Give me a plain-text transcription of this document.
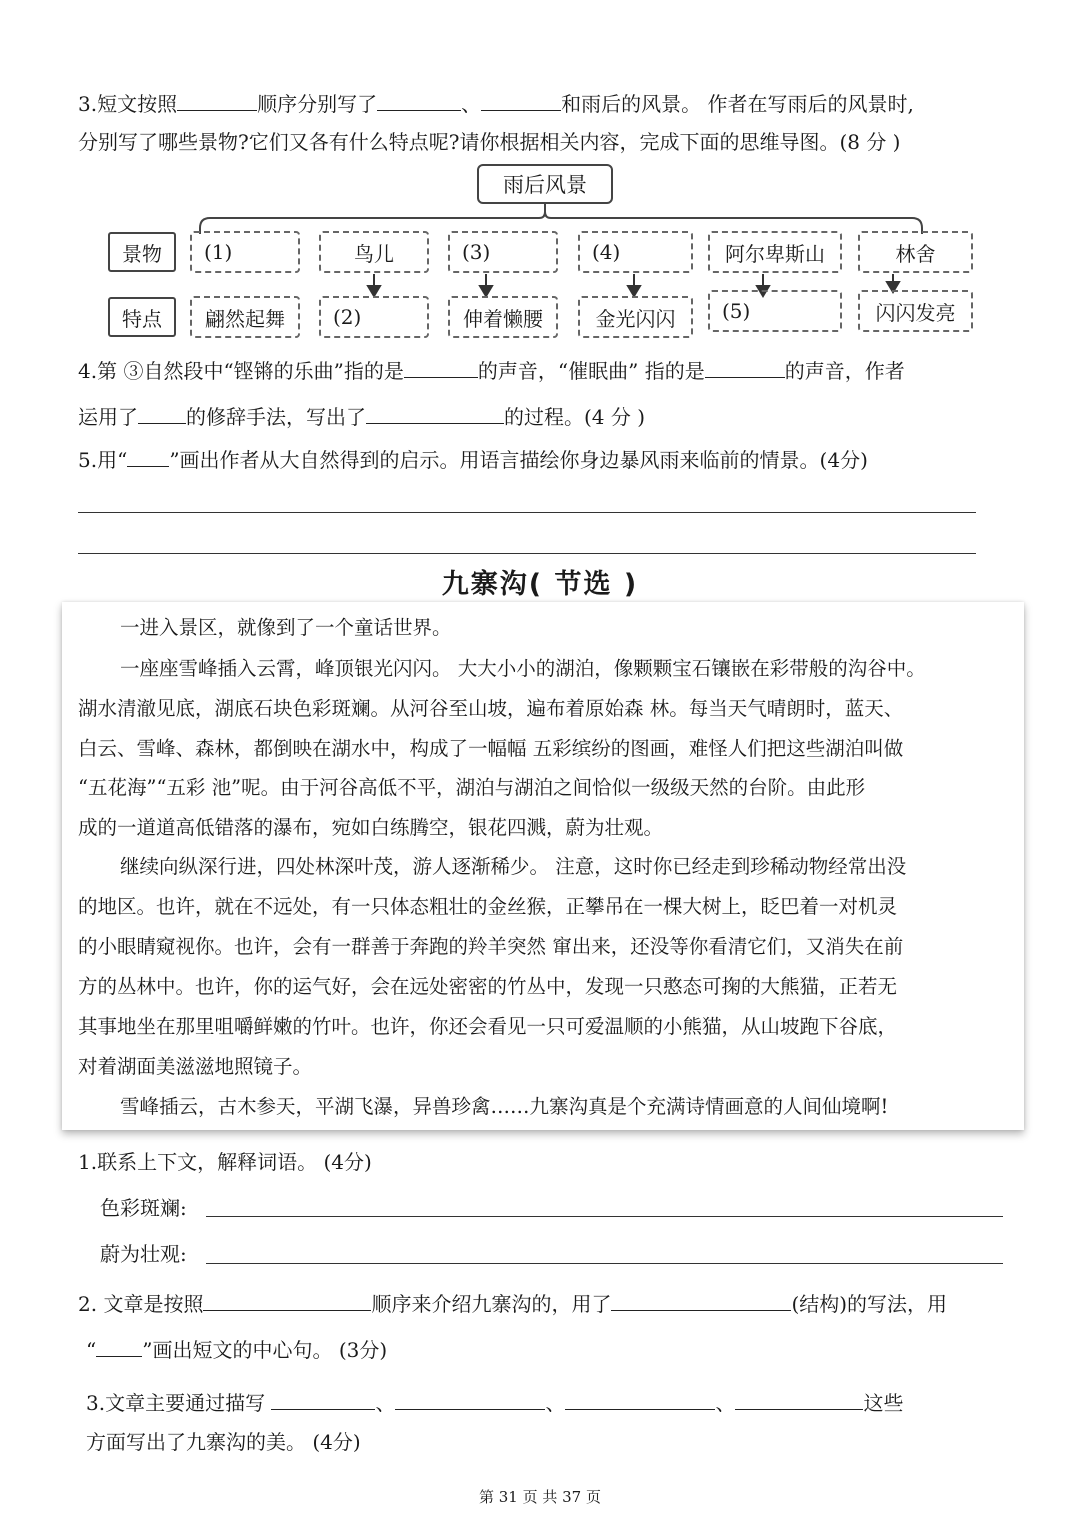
3.短文按照	顺序分别写了	、	和雨后的风景。 作者在写雨后的风景时,
分别写了哪些景物?它们又各有什么特点呢?请你根据相关内容，完成下面的思维导图。(8 分 )
雨后风景
景物
特点
(1)	鸟儿	(3)	(4)	阿尔卑斯山	林舍
翩然起舞	(2)	伸着懒腰	金光闪闪	(5)	闪闪发亮
4.第 ③自然段中“铿锵的乐曲”指的是	的声音，“催眠曲” 指的是	的声音，作者
运用了 的修辞手法，写出了	的过程。(4 分 )
5.用“ ”画出作者从大自然得到的启示。用语言描绘你身边暴风雨来临前的情景。(4分)
九寨沟( 节选 )
一进入景区，就像到了一个童话世界。
一座座雪峰插入云霄，峰顶银光闪闪。 大大小小的湖泊，像颗颗宝石镶嵌在彩带般的沟谷中。
湖水清澈见底，湖底石块色彩斑斓。从河谷至山坡，遍布着原始森 林。每当天气晴朗时，蓝天、
白云、雪峰、森林，都倒映在湖水中，构成了一幅幅 五彩缤纷的图画，难怪人们把这些湖泊叫做
“五花海”“五彩 池”呢。由于河谷高低不平，湖泊与湖泊之间恰似一级级天然的台阶。由此形
成的一道道高低错落的瀑布，宛如白练腾空，银花四溅，蔚为壮观。
继续向纵深行进，四处林深叶茂，游人逐渐稀少。 注意，这时你已经走到珍稀动物经常出没
的地区。也许，就在不远处，有一只体态粗壮的金丝猴，正攀吊在一棵大树上，眨巴着一对机灵
的小眼睛窥视你。也许，会有一群善于奔跑的羚羊突然 窜出来，还没等你看清它们，又消失在前
方的丛林中。也许，你的运气好，会在远处密密的竹丛中，发现一只憨态可掬的大熊猫，正若无
其事地坐在那里咀嚼鲜嫩的竹叶。也许，你还会看见一只可爱温顺的小熊猫，从山坡跑下谷底，
对着湖面美滋滋地照镜子。
雪峰插云，古木参天，平湖飞瀑，异兽珍禽……九寨沟真是个充满诗情画意的人间仙境啊!
1.联系上下文，解释词语。 (4分)
色彩斑斓:
蔚为壮观:
2. 文章是按照	顺序来介绍九寨沟的，用了	(结构)的写法，用
“ ”画出短文的中心句。 (3分)
3.文章主要通过描写	、	、	、	这些
方面写出了九寨沟的美。 (4分)
第 31 页 共 37 页
